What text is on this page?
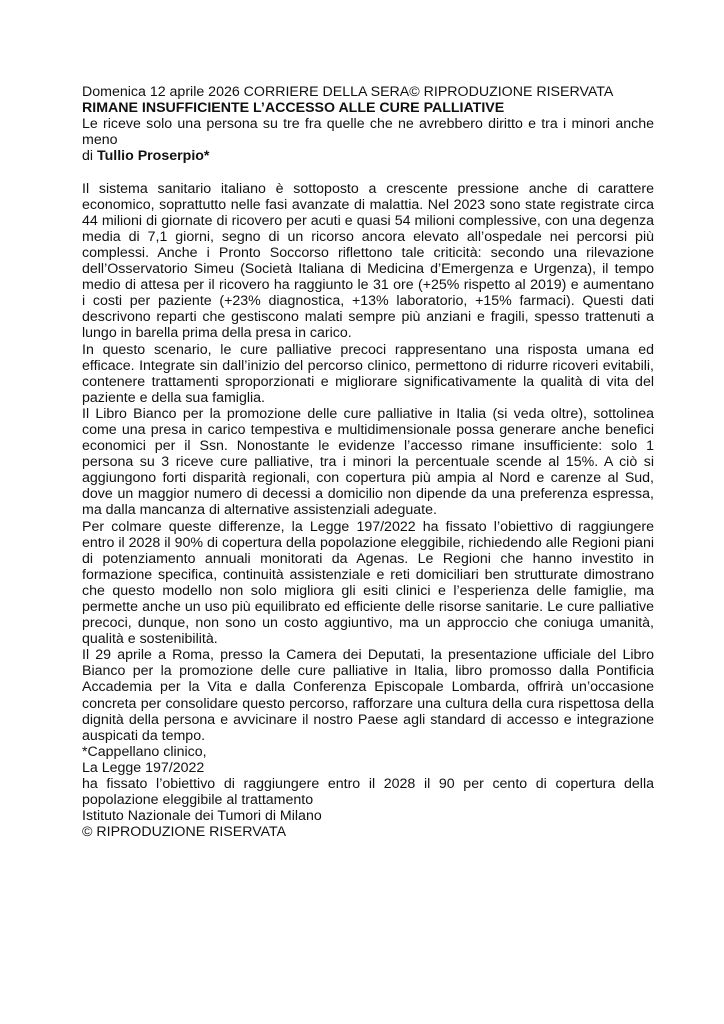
Domenica 12 aprile 2026 CORRIERE DELLA SERA© RIPRODUZIONE RISERVATA

RIMANE INSUFFICIENTE L’ACCESSO ALLE CURE PALLIATIVE

Le riceve solo una persona su tre fra quelle che ne avrebbero diritto e tra i minori anche meno

di Tullio Proserpio*

Il sistema sanitario italiano è sottoposto a crescente pressione anche di carattere economico, soprattutto nelle fasi avanzate di malattia. Nel 2023 sono state registrate circa 44 milioni di giornate di ricovero per acuti e quasi 54 milioni complessive, con una degenza media di 7,1 giorni, segno di un ricorso ancora elevato all’ospedale nei percorsi più complessi. Anche i Pronto Soccorso riflettono tale criticità: secondo una rilevazione dell’Osservatorio Simeu (Società Italiana di Medicina d’Emergenza e Urgenza), il tempo medio di attesa per il ricovero ha raggiunto le 31 ore (+25% rispetto al 2019) e aumentano i costi per paziente (+23% diagnostica, +13% laboratorio, +15% farmaci). Questi dati descrivono reparti che gestiscono malati sempre più anziani e fragili, spesso trattenuti a lungo in barella prima della presa in carico.

In questo scenario, le cure palliative precoci rappresentano una risposta umana ed efficace. Integrate sin dall’inizio del percorso clinico, permettono di ridurre ricoveri evitabili, contenere trattamenti sproporzionati e migliorare significativamente la qualità di vita del paziente e della sua famiglia.

Il Libro Bianco per la promozione delle cure palliative in Italia (si veda oltre), sottolinea come una presa in carico tempestiva e multidimensionale possa generare anche benefici economici per il Ssn. Nonostante le evidenze l’accesso rimane insufficiente: solo 1 persona su 3 riceve cure palliative, tra i minori la percentuale scende al 15%. A ciò si aggiungono forti disparità regionali, con copertura più ampia al Nord e carenze al Sud, dove un maggior numero di decessi a domicilio non dipende da una preferenza espressa, ma dalla mancanza di alternative assistenziali adeguate.

Per colmare queste differenze, la Legge 197/2022 ha fissato l’obiettivo di raggiungere entro il 2028 il 90% di copertura della popolazione eleggibile, richiedendo alle Regioni piani di potenziamento annuali monitorati da Agenas. Le Regioni che hanno investito in formazione specifica, continuità assistenziale e reti domiciliari ben strutturate dimostrano che questo modello non solo migliora gli esiti clinici e l’esperienza delle famiglie, ma permette anche un uso più equilibrato ed efficiente delle risorse sanitarie. Le cure palliative precoci, dunque, non sono un costo aggiuntivo, ma un approccio che coniuga umanità, qualità e sostenibilità.

Il 29 aprile a Roma, presso la Camera dei Deputati, la presentazione ufficiale del Libro Bianco per la promozione delle cure palliative in Italia, libro promosso dalla Pontificia Accademia per la Vita e dalla Conferenza Episcopale Lombarda, offrirà un’occasione concreta per consolidare questo percorso, rafforzare una cultura della cura rispettosa della dignità della persona e avvicinare il nostro Paese agli standard di accesso e integrazione auspicati da tempo.

*Cappellano clinico,

La Legge 197/2022

ha fissato l’obiettivo di raggiungere entro il 2028 il 90 per cento di copertura della popolazione eleggibile al trattamento

Istituto Nazionale dei Tumori di Milano

© RIPRODUZIONE RISERVATA
